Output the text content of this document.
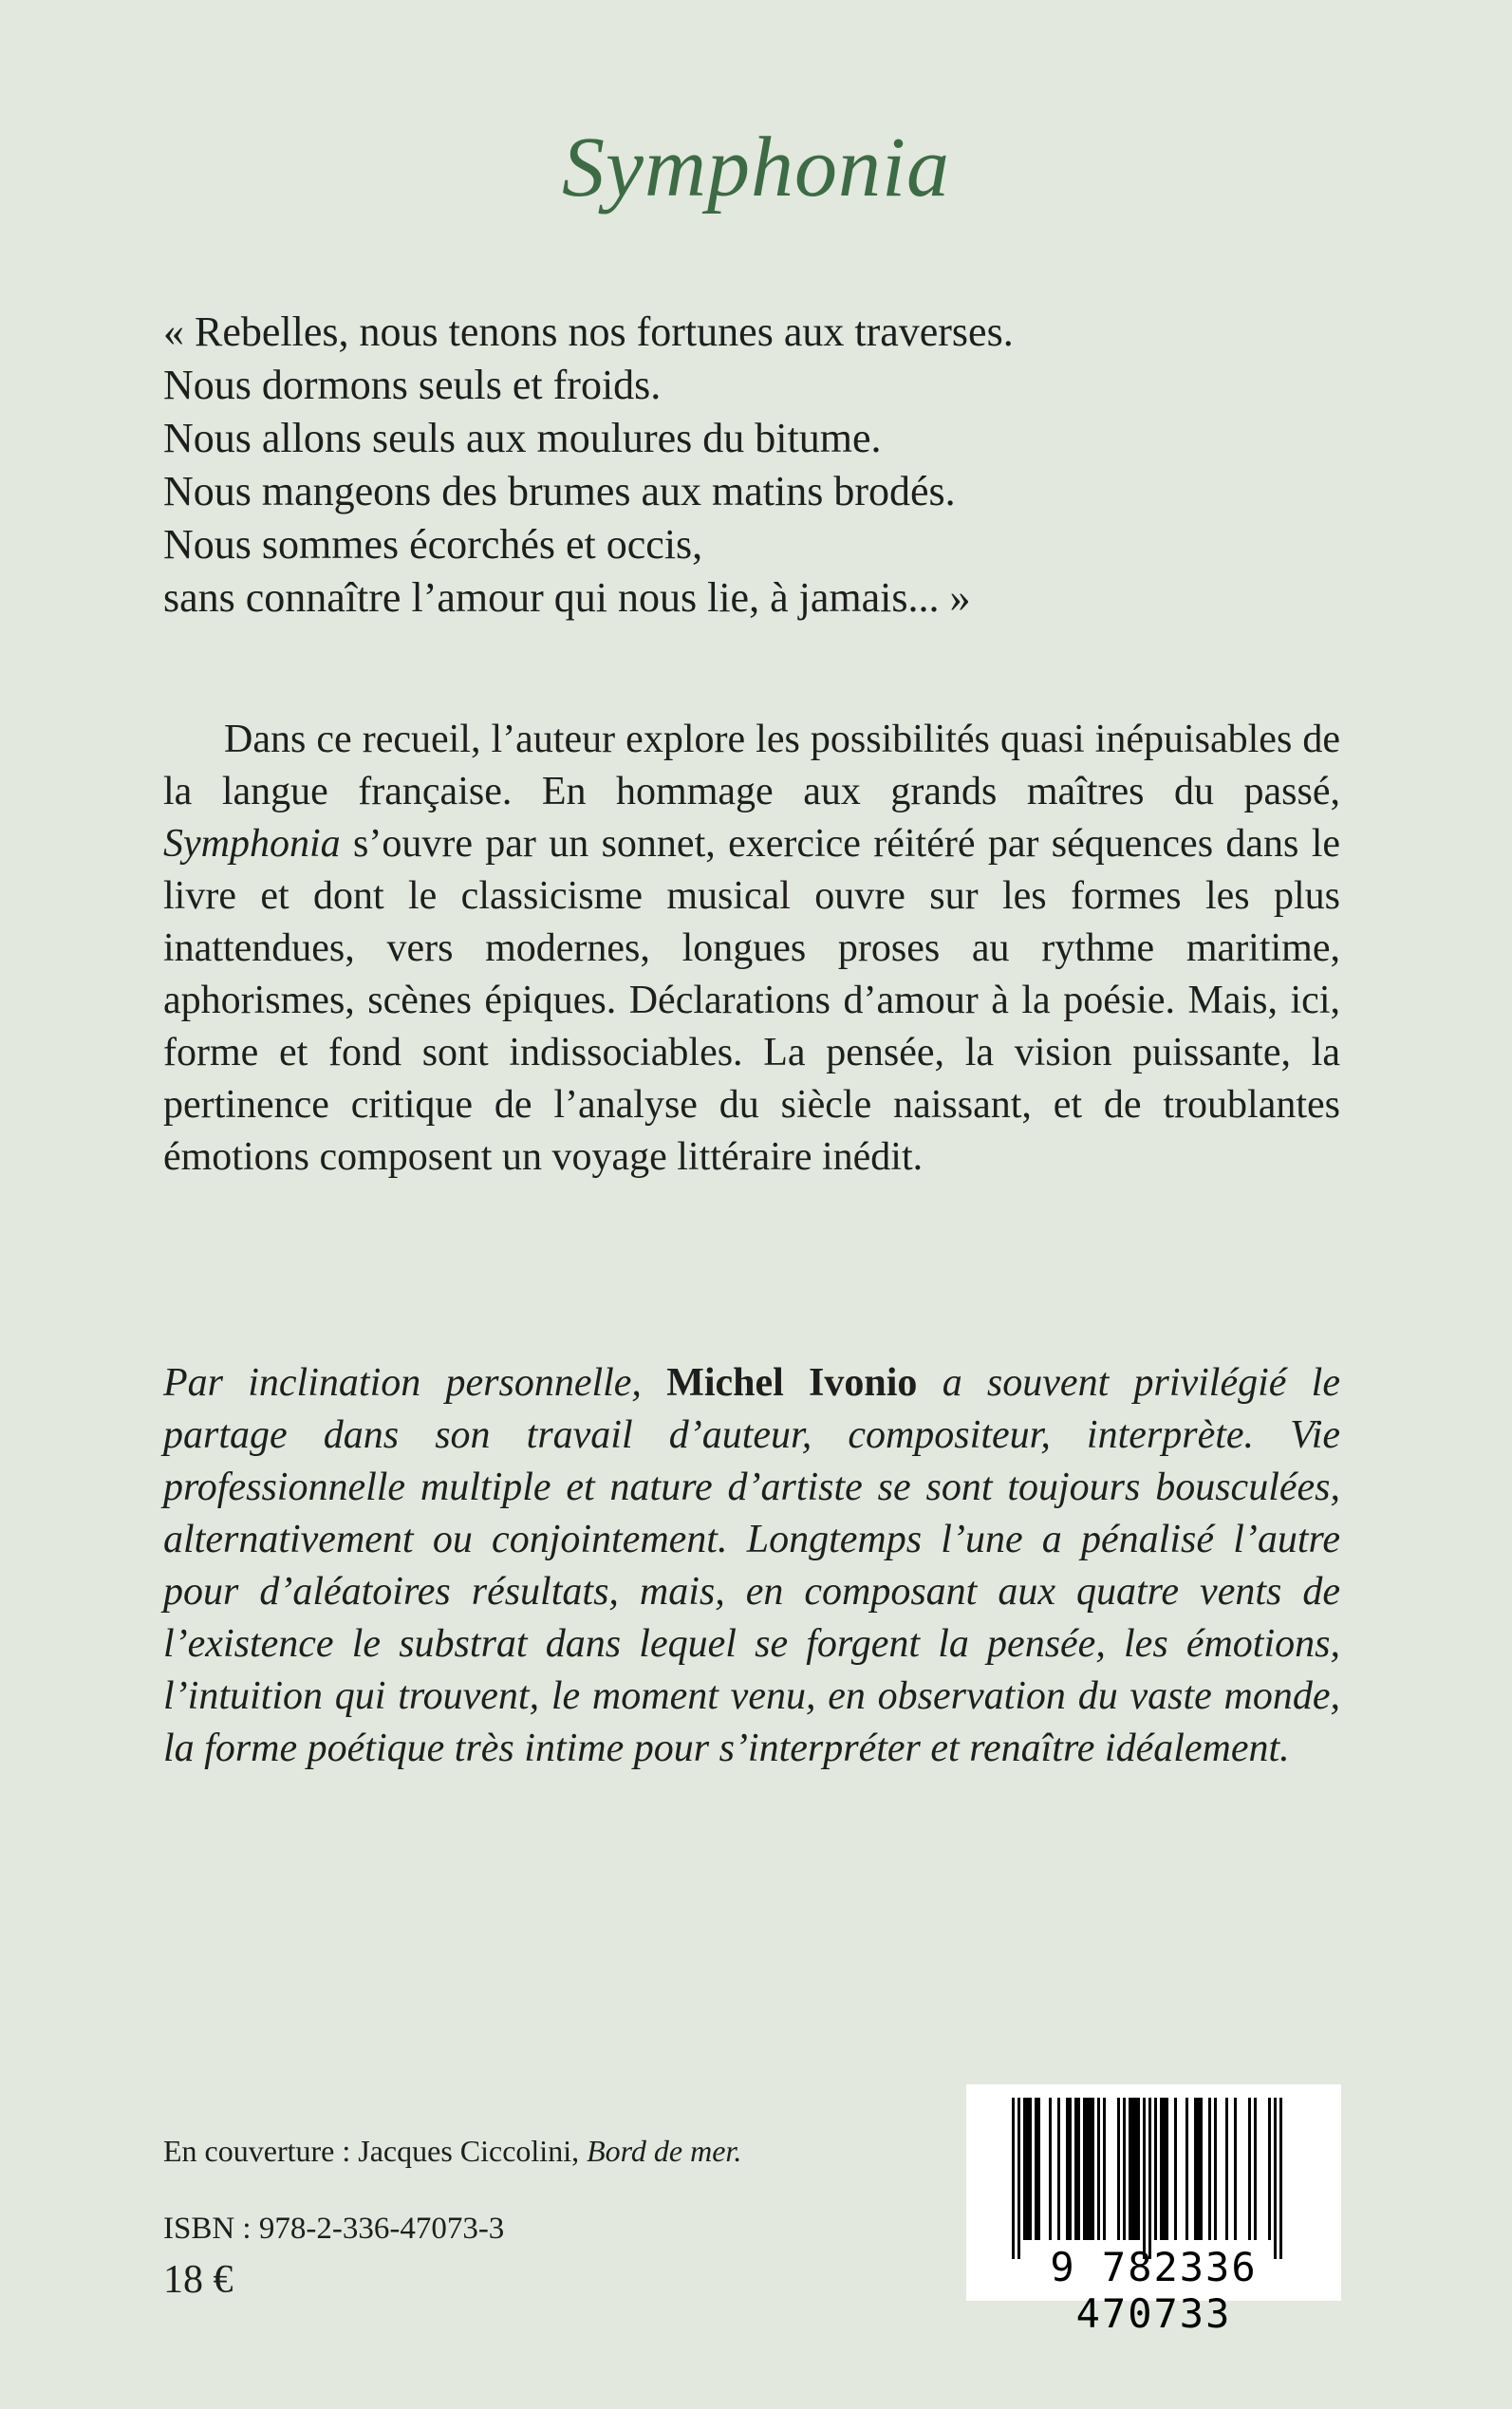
Symphonia
« Rebelles, nous tenons nos fortunes aux traverses.
Nous dormons seuls et froids.
Nous allons seuls aux moulures du bitume.
Nous mangeons des brumes aux matins brodés.
Nous sommes écorchés et occis,
sans connaître l’amour qui nous lie, à jamais... »

Dans ce recueil, l’auteur explore les possibilités quasi inépuisables de la langue française. En hommage aux grands maîtres du passé, Symphonia s’ouvre par un sonnet, exercice réitéré par séquences dans le livre et dont le classicisme musical ouvre sur les formes les plus inattendues, vers modernes, longues proses au rythme maritime, aphorismes, scènes épiques. Déclarations d’amour à la poésie. Mais, ici, forme et fond sont indissociables. La pensée, la vision puissante, la pertinence critique de l’analyse du siècle naissant, et de troublantes émotions composent un voyage littéraire inédit.

Par inclination personnelle, Michel Ivonio a souvent privilégié le partage dans son travail d’auteur, compositeur, interprète. Vie professionnelle multiple et nature d’artiste se sont toujours bousculées, alternativement ou conjointement. Longtemps l’une a pénalisé l’autre pour d’aléatoires résultats, mais, en composant aux quatre vents de l’existence le substrat dans lequel se forgent la pensée, les émotions, l’intuition qui trouvent, le moment venu, en observation du vaste monde, la forme poétique très intime pour s’interpréter et renaître idéalement.

En couverture : Jacques Ciccolini, Bord de mer.
ISBN : 978-2-336-47073-3
18 €	9 782336 470733
